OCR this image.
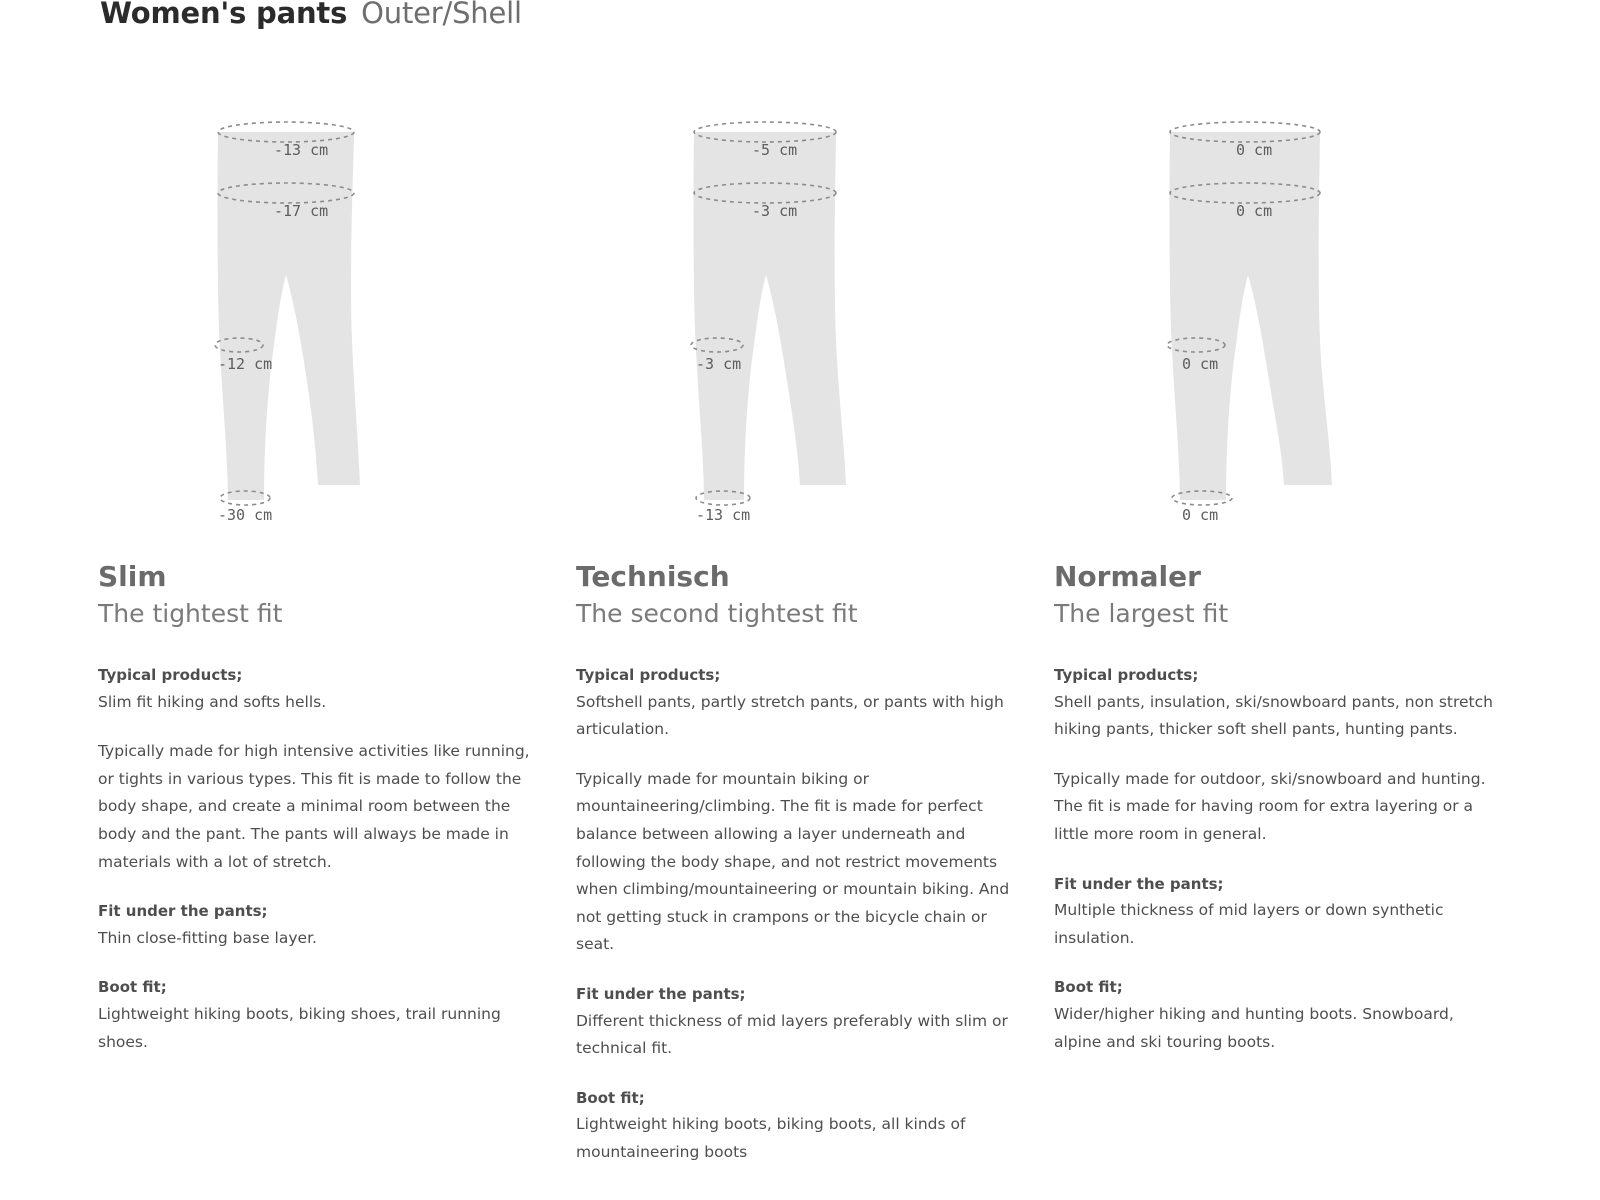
Women's pants Outer/Shell
-13 cm
-17 cm
-12 cm
-30 cm
Slim
The tightest fit

Typical products;
Slim fit hiking and softs hells.

Typically made for high intensive activities like running, or tights in various types. This fit is made to follow the body shape, and create a minimal room between the body and the pant. The pants will always be made in materials with a lot of stretch.

Fit under the pants;
Thin close-fitting base layer.

Boot fit;
Lightweight hiking boots, biking shoes, trail running shoes.

-5 cm
-3 cm
-3 cm
-13 cm
Technisch
The second tightest fit

Typical products;
Softshell pants, partly stretch pants, or pants with high articulation.

Typically made for mountain biking or mountaineering/climbing. The fit is made for perfect balance between allowing a layer underneath and following the body shape, and not restrict movements when climbing/mountaineering or mountain biking. And not getting stuck in crampons or the bicycle chain or seat.

Fit under the pants;
Different thickness of mid layers preferably with slim or technical fit.

Boot fit;
Lightweight hiking boots, biking boots, all kinds of mountaineering boots

0 cm
0 cm
0 cm
0 cm
Normaler
The largest fit

Typical products;
Shell pants, insulation, ski/snowboard pants, non stretch hiking pants, thicker soft shell pants, hunting pants.

Typically made for outdoor, ski/snowboard and hunting. The fit is made for having room for extra layering or a little more room in general.

Fit under the pants;
Multiple thickness of mid layers or down synthetic insulation.

Boot fit;
Wider/higher hiking and hunting boots. Snowboard, alpine and ski touring boots.
